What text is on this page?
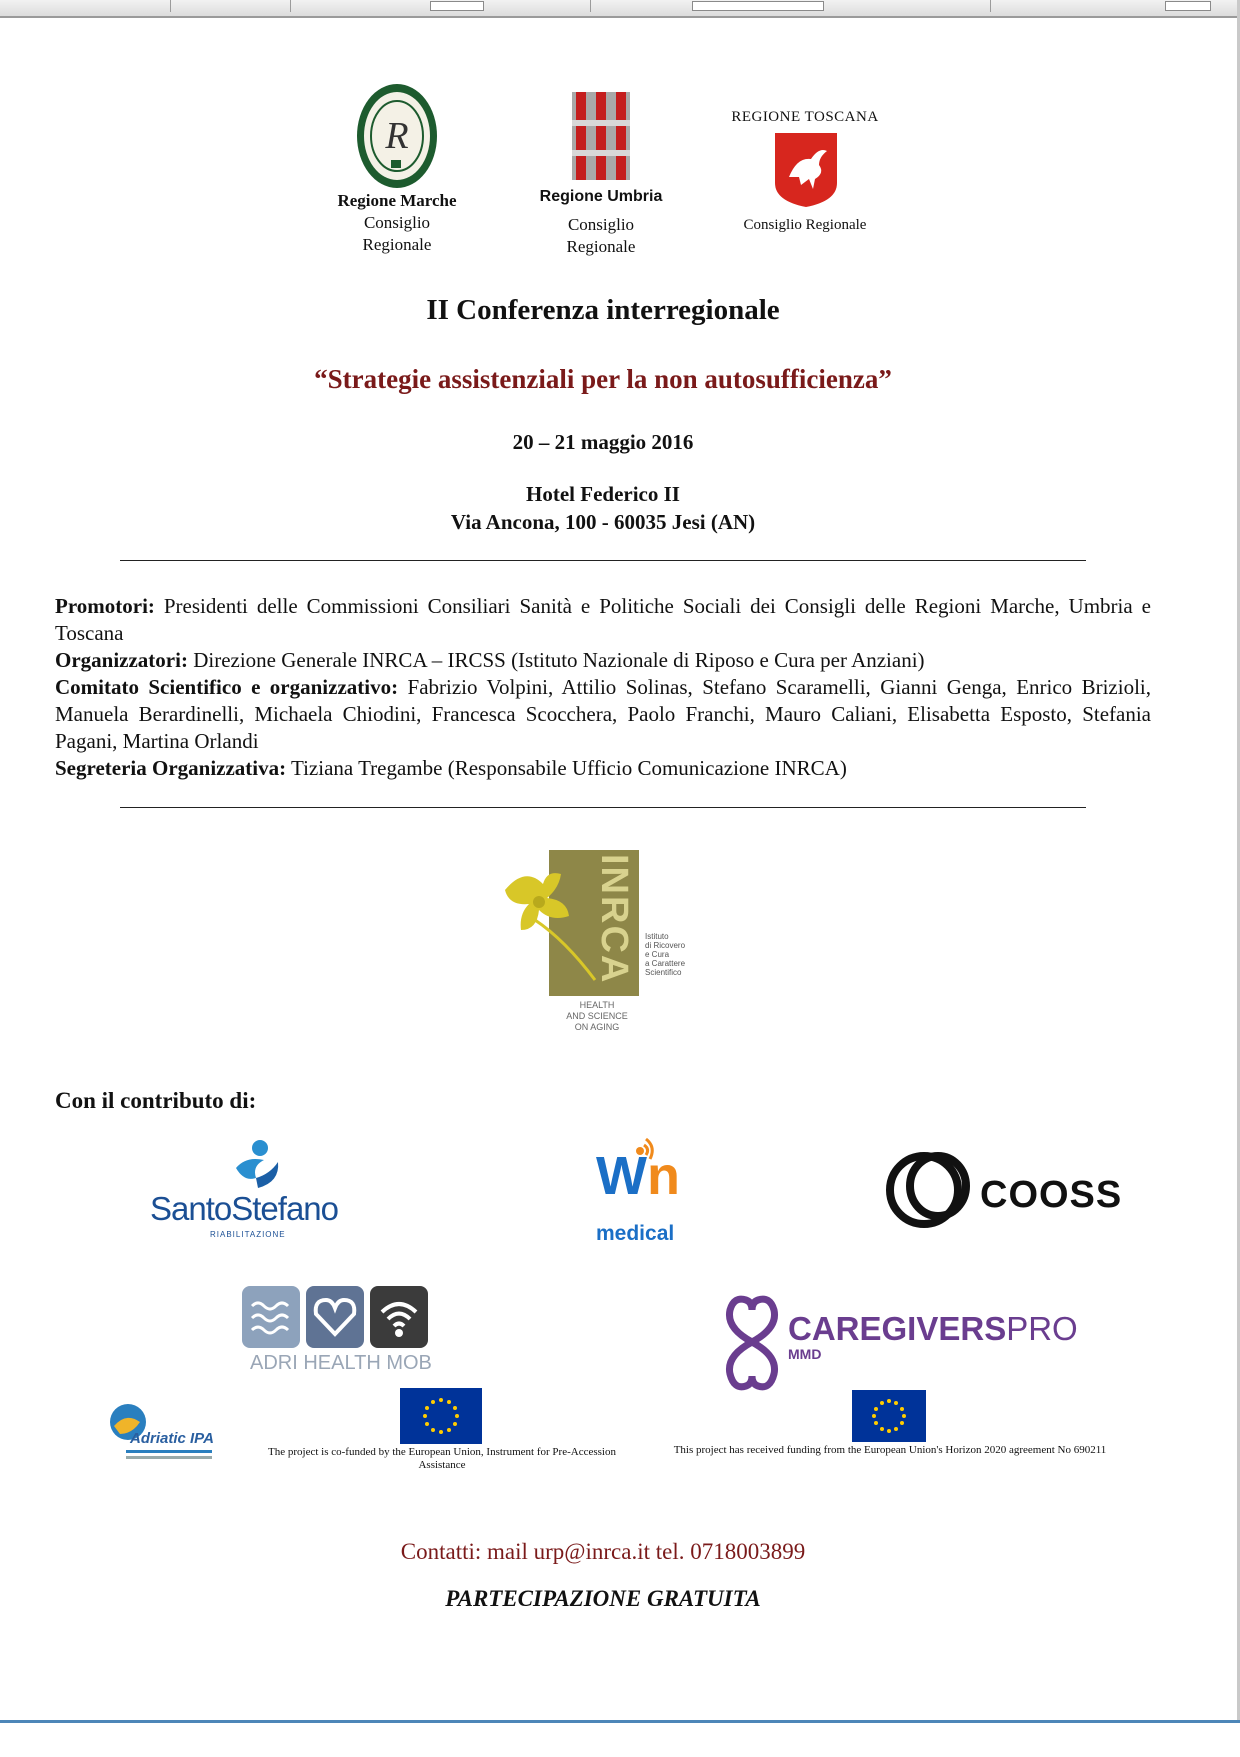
R
Regione Marche
Consiglio
Regionale
Regione Umbria
Consiglio
Regionale
REGIONE TOSCANA
Consiglio Regionale
II Conferenza interregionale
“Strategie assistenziali per la non autosufficienza”
20 – 21 maggio 2016
Hotel Federico II
Via Ancona, 100 - 60035 Jesi (AN)

Promotori: Presidenti delle Commissioni Consiliari Sanità e Politiche Sociali dei Consigli delle Regioni Marche, Umbria e Toscana

Organizzatori: Direzione Generale INRCA – IRCSS (Istituto Nazionale di Riposo e Cura per Anziani)

Comitato Scientifico e organizzativo: Fabrizio Volpini, Attilio Solinas, Stefano Scaramelli, Gianni Genga, Enrico Brizioli, Manuela Berardinelli, Michaela Chiodini, Francesca Scocchera, Paolo Franchi, Mauro Caliani, Elisabetta Esposto, Stefania Pagani, Martina Orlandi

Segreteria Organizzativa: Tiziana Tregambe (Responsabile Ufficio Comunicazione INRCA)

INRCA Istituto
di Ricovero
e Cura
a Carattere
Scientifico
HEALTH
AND SCIENCE
ON AGING
Con il contributo di:
SantoStefano
RIABILITAZIONE
Wn
medical
COOSS
ADRI HEALTH MOB
CAREGIVERSPRO
MMD
Adriatic IPA
The project is co-funded by the European Union, Instrument for Pre-Accession Assistance
This project has received funding from the European Union's Horizon 2020 agreement No 690211
Contatti: mail urp@inrca.it tel. 0718003899
PARTECIPAZIONE GRATUITA
